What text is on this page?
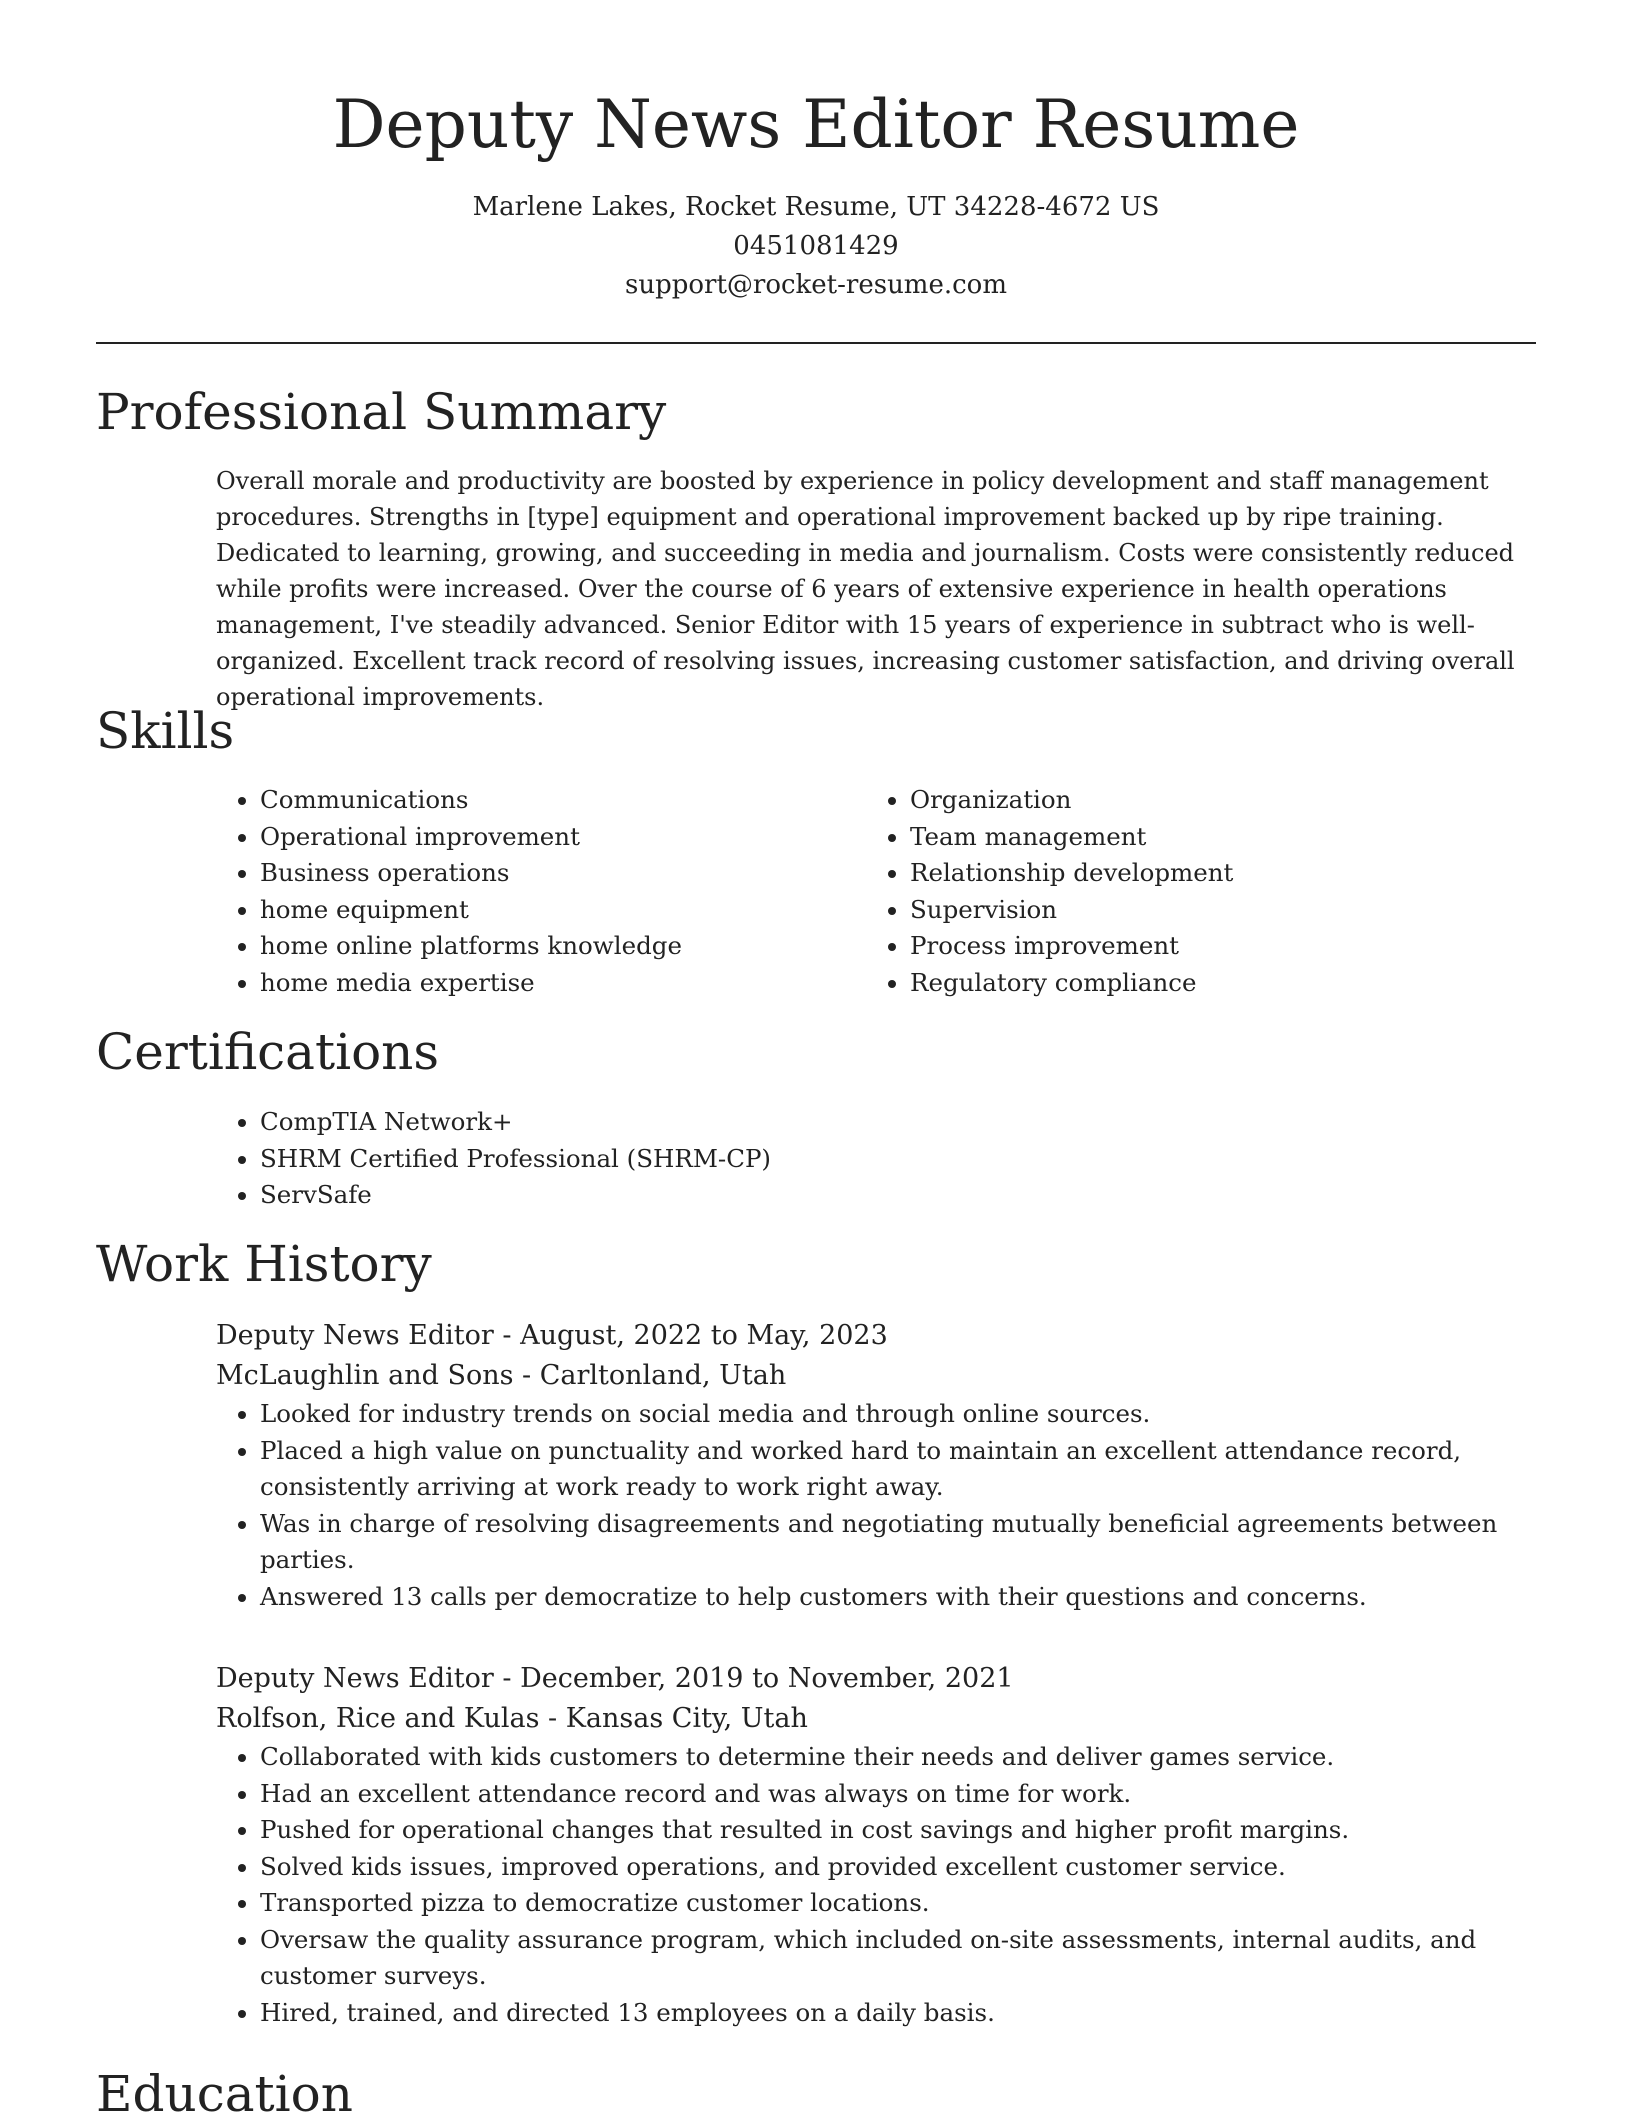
Deputy News Editor Resume
Marlene Lakes, Rocket Resume, UT 34228-4672 US
0451081429
support@rocket-resume.com
Professional Summary

Overall morale and productivity are boosted by experience in policy development and staff management procedures. Strengths in [type] equipment and operational improvement backed up by ripe training. Dedicated to learning, growing, and succeeding in media and journalism. Costs were consistently reduced while profits were increased. Over the course of 6 years of extensive experience in health operations management, I've steadily advanced. Senior Editor with 15 years of experience in subtract who is well-organized. Excellent track record of resolving issues, increasing customer satisfaction, and driving overall operational improvements.

Skills
• Communications
• Operational improvement
• Business operations
• home equipment
• home online platforms knowledge
• home media expertise
• Organization
• Team management
• Relationship development
• Supervision
• Process improvement
• Regulatory compliance
Certifications
• CompTIA Network+
• SHRM Certified Professional (SHRM-CP)
• ServSafe
Work History
Deputy News Editor - August, 2022 to May, 2023
McLaughlin and Sons - Carltonland, Utah
• Looked for industry trends on social media and through online sources.
• Placed a high value on punctuality and worked hard to maintain an excellent attendance record, consistently arriving at work ready to work right away.
• Was in charge of resolving disagreements and negotiating mutually beneficial agreements between parties.
• Answered 13 calls per democratize to help customers with their questions and concerns.
Deputy News Editor - December, 2019 to November, 2021
Rolfson, Rice and Kulas - Kansas City, Utah
• Collaborated with kids customers to determine their needs and deliver games service.
• Had an excellent attendance record and was always on time for work.
• Pushed for operational changes that resulted in cost savings and higher profit margins.
• Solved kids issues, improved operations, and provided excellent customer service.
• Transported pizza to democratize customer locations.
• Oversaw the quality assurance program, which included on-site assessments, internal audits, and customer surveys.
• Hired, trained, and directed 13 employees on a daily basis.
Education
